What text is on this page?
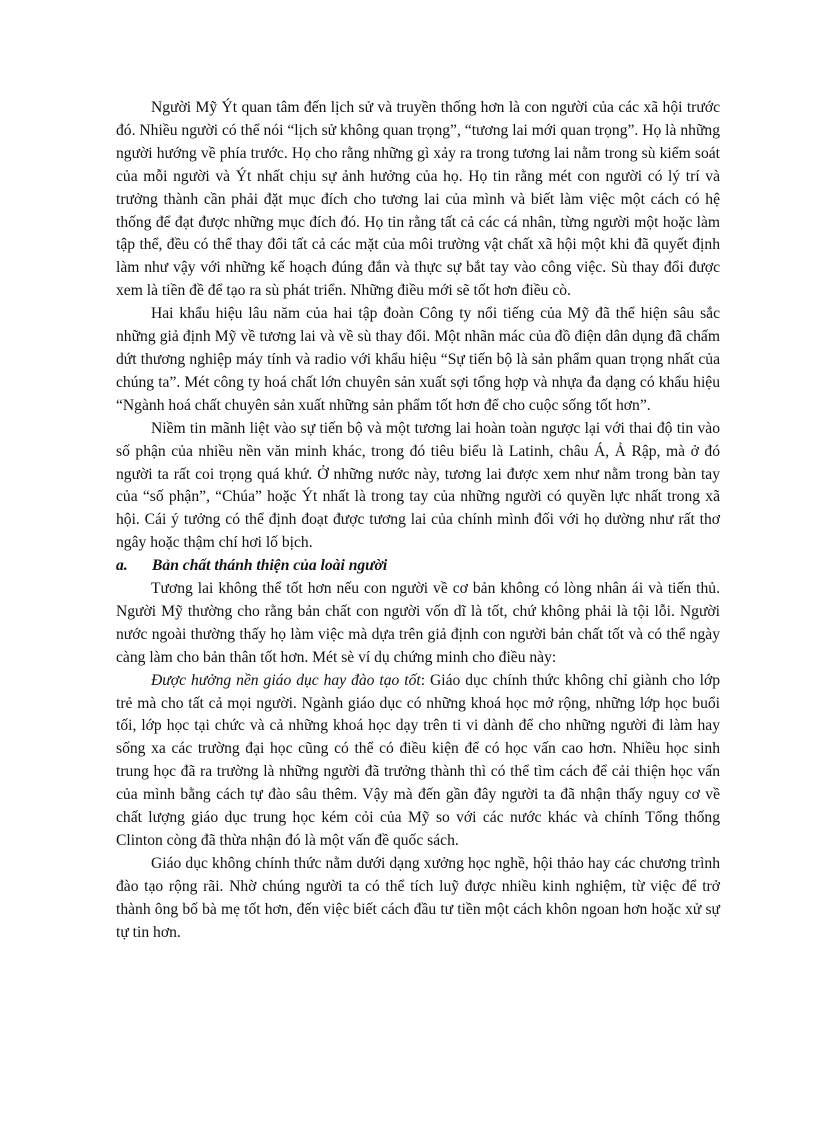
Người Mỹ Ýt quan tâm đến lịch sử và truyền thống hơn là con người của các xã hội trước đó. Nhiều người có thể nói “lịch sử không quan trọng”, “tương lai mới quan trọng”. Họ là những người hướng về phía trước. Họ cho rằng những gì xảy ra trong tương lai nằm trong sù kiểm soát của mỗi người và Ýt nhất chịu sự ảnh hưởng của họ. Họ tin rằng mét con người có lý trí và trưởng thành cần phải đặt mục đích cho tương lai của mình và biết làm việc một cách có hệ thống để đạt được những mục đích đó. Họ tin rằng tất cả các cá nhân, từng người một hoặc làm tập thể, đều có thể thay đổi tất cả các mặt của môi trường vật chất xã hội một khi đã quyết định làm như vậy với những kế hoạch đúng đắn và thực sự bắt tay vào công việc. Sù thay đổi được xem là tiền đề để tạo ra sù phát triển. Những điều mới sẽ tốt hơn điều cò.

Hai khẩu hiệu lâu năm của hai tập đoàn Công ty nổi tiếng của Mỹ đã thể hiện sâu sắc những giả định Mỹ về tương lai và về sù thay đổi. Một nhãn mác của đồ điện dân dụng đã chấm dứt thương nghiệp máy tính và radio với khẩu hiệu “Sự tiến bộ là sản phẩm quan trọng nhất của chúng ta”. Mét công ty hoá chất lớn chuyên sản xuất sợi tổng hợp và nhựa đa dạng có khẩu hiệu “Ngành hoá chất chuyên sản xuất những sản phẩm tốt hơn để cho cuộc sống tốt hơn”.

Niềm tin mãnh liệt vào sự tiến bộ và một tương lai hoàn toàn ngược lại với thai độ tin vào số phận của nhiều nền văn minh khác, trong đó tiêu biểu là Latinh, châu Á, Ả Rập, mà ở đó người ta rất coi trọng quá khứ. Ở những nước này, tương lai được xem như nằm trong bàn tay của “số phận”, “Chúa” hoặc Ýt nhất là trong tay của những người có quyền lực nhất trong xã hội. Cái ý tưởng có thể định đoạt được tương lai của chính mình đối với họ dường như rất thơ ngây hoặc thậm chí hơi lố bịch.

a.	Bản chất thánh thiện của loài người

Tương lai không thể tốt hơn nếu con người về cơ bản không có lòng nhân ái và tiến thủ. Người Mỹ thường cho rằng bản chất con người vốn dĩ là tốt, chứ không phải là tội lỗi. Người nước ngoài thường thấy họ làm việc mà dựa trên giả định con người bản chất tốt và có thể ngày càng làm cho bản thân tốt hơn. Mét sè ví dụ chứng minh cho điều này:

Được hưởng nền giáo dục hay đào tạo tốt: Giáo dục chính thức không chỉ giành cho lớp trẻ mà cho tất cả mọi người. Ngành giáo dục có những khoá học mở rộng, những lớp học buổi tối, lớp học tại chức và cả những khoá học dạy trên ti vi dành để cho những người đi làm hay sống xa các trường đại học cũng có thể có điều kiện để có học vấn cao hơn. Nhiều học sinh trung học đã ra trường là những người đã trưởng thành thì có thể tìm cách để cải thiện học vấn của mình bằng cách tự đào sâu thêm. Vậy mà đến gần đây người ta đã nhận thấy nguy cơ về chất lượng giáo dục trung học kém cỏi của Mỹ so với các nước khác và chính Tổng thống Clinton còng đã thừa nhận đó là một vấn đề quốc sách.

Giáo dục không chính thức nằm dưới dạng xưởng học nghề, hội thảo hay các chương trình đào tạo rộng rãi. Nhờ chúng người ta có thể tích luỹ được nhiều kinh nghiệm, từ việc để trở thành ông bố bà mẹ tốt hơn, đến việc biết cách đầu tư tiền một cách khôn ngoan hơn hoặc xử sự tự tin hơn.
